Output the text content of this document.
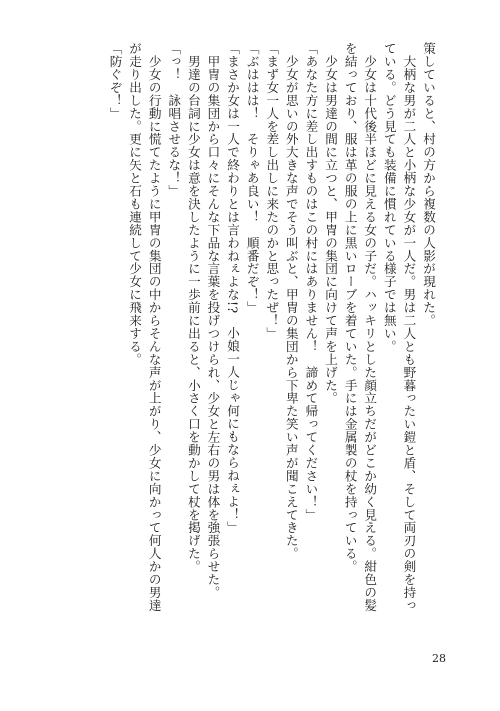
策していると、村の方から複数の人影が現れた。
　大柄な男が二人と小柄な少女が一人だ。男は二人とも野暮ったい鎧と盾、そして両刃の剣を持っ
ている。どう見ても装備に慣れている様子では無い。
　少女は十代後半ほどに見える女の子だ。ハッキリとした顔立ちだがどこか幼く見える。紺色の髪
を結っており、服は革の服の上に黒いローブを着ていた。手には金属製の杖を持っている。
　少女は男達の間に立つと、甲冑の集団に向けて声を上げた。
「あなた方に差し出すものはこの村にはありません！　諦めて帰ってください！」
　少女が思いの外大きな声でそう叫ぶと、甲冑の集団から下卑た笑い声が聞こえてきた。
「まず女一人を差し出しに来たのかと思ったぜ！」
「ぶははは！　そりゃあ良い！　順番だぞ！」
「まさか女は一人で終わりとは言わねぇよな!?　小娘一人じゃ何にもならねぇよ！」
　甲冑の集団から口々にそんな下品な言葉を投げつけられ、少女と左右の男は体を強張らせた。
　男達の台詞に少女は意を決したように一歩前に出ると、小さく口を動かして杖を掲げた。
「っ！　詠唱させるな！」
　少女の行動に慌てたように甲冑の集団の中からそんな声が上がり、少女に向かって何人かの男達
が走り出した。更に矢と石も連続して少女に飛来する。
「防ぐぞ！」
28
